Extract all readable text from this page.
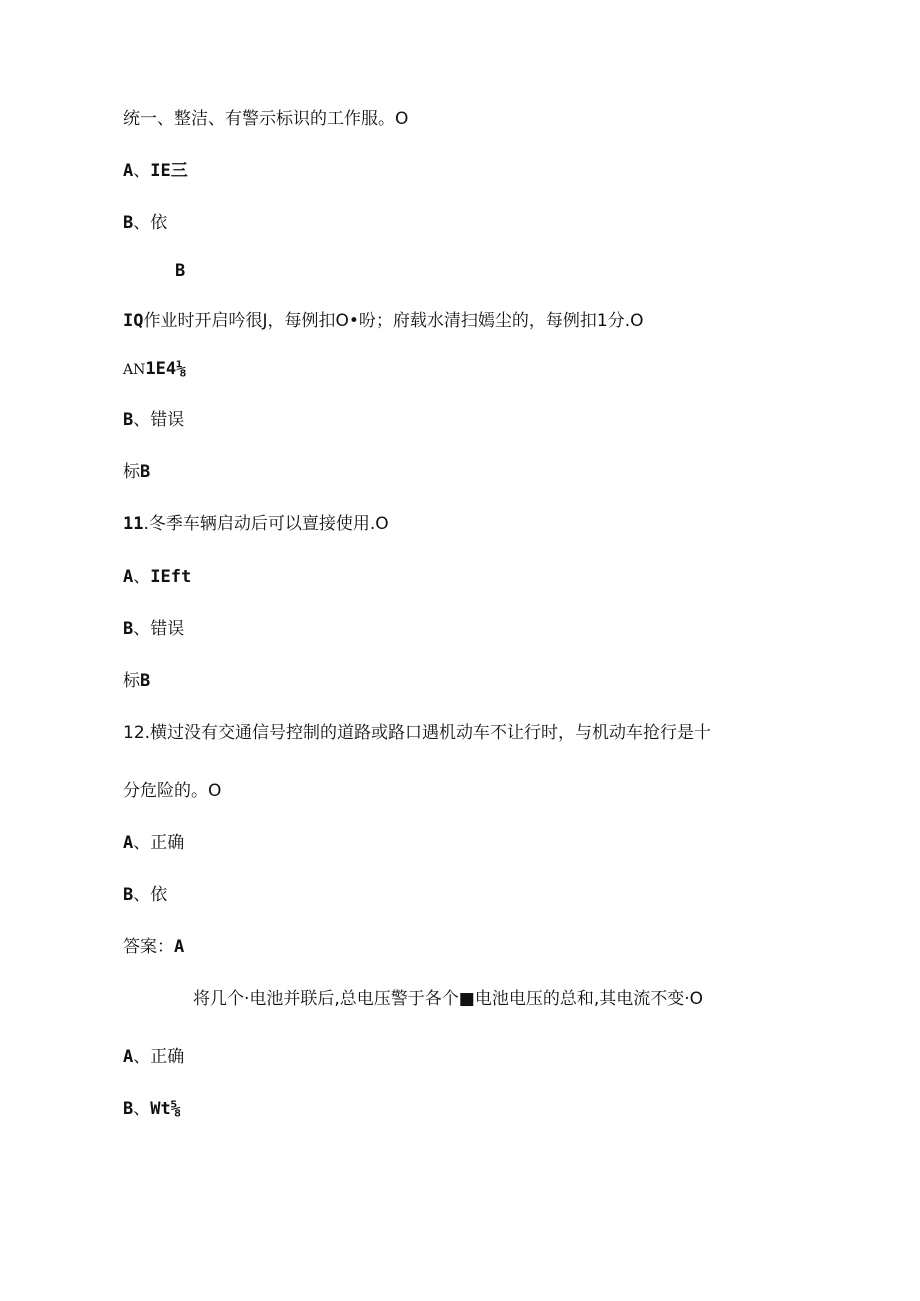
统一、整洁、有警示标识的工作服。O

A、IE三

B、依

B

IQ作业时开启吟很J，每例扣O•吩；府载水清扫嫣尘的，每例扣1分.O

AN1E4⅛

B、错误

标B

11.冬季车辆启动后可以亶接使用.O

A、IEft

B、错误

标B

12.横过没有交通信号控制的道路或路口遇机动车不让行时，与机动车抢行是十

分危险的。O

A、正确

B、依

答案：A

将几个·电池并联后,总电压警于各个■电池电压的总和,其电流不变·O

A、正确

B、Wt⅝
